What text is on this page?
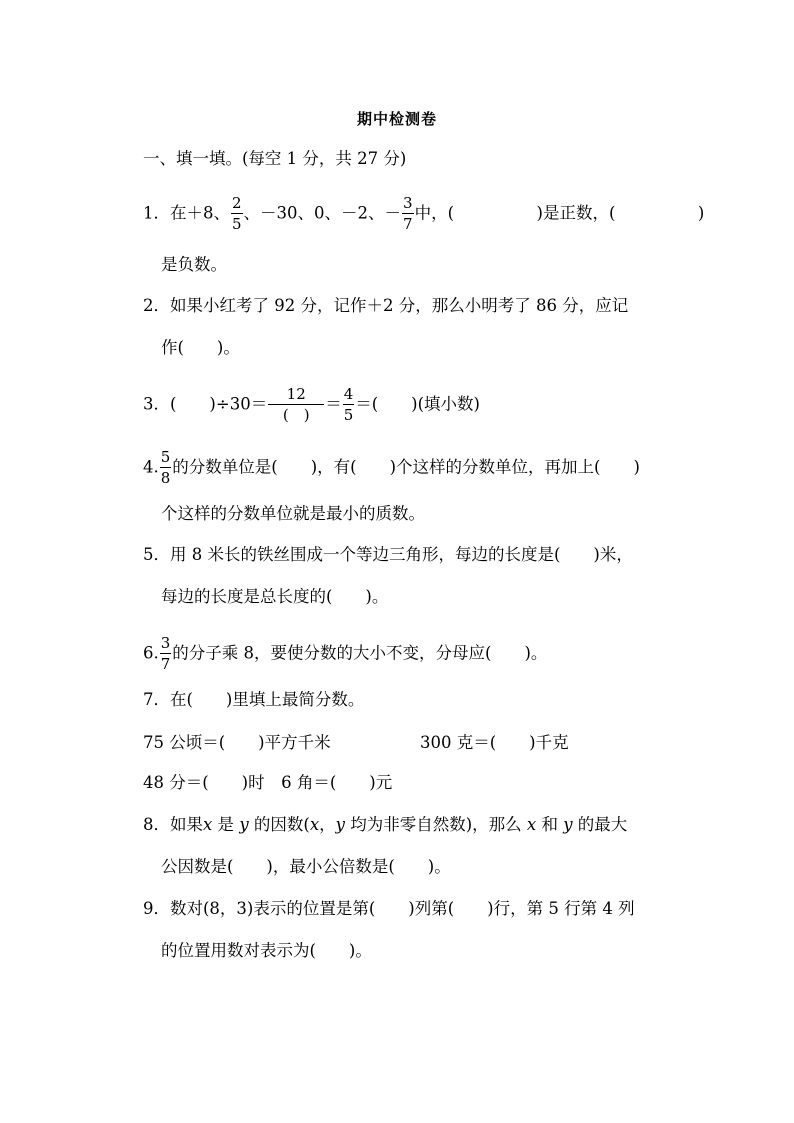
期中检测卷
一、填一填。(每空 1 分，共 27 分)
1．在＋8、 $\frac{2}{5}$ 、－30、0、－2、－ $\frac{3}{7}$ 中，(　　　　　)是正数，(　　　　　)
是负数。
2．如果小红考了 92 分，记作＋2 分，那么小明考了 86 分，应记
作(　　)。
3．(　　)$\div 30= \frac{12}{( )} = \frac{4}{5}$ ＝(　　)(填小数)
4. $\frac{5}{8}$ 的分数单位是(　　)，有(　　)个这样的分数单位，再加上(　　)
个这样的分数单位就是最小的质数。
5．用 8 米长的铁丝围成一个等边三角形，每边的长度是(　　)米，
每边的长度是总长度的(　　)。
6. $\frac{3}{7}$ 的分子乘 8，要使分数的大小不变，分母应(　　)。
7．在(　　)里填上最简分数。
75 公顷＝(　　)平方千米	300 克＝(　　)千克
48 分＝(　　)时　6 角＝(　　)元
8．如果x 是 y 的因数(x，y 均为非零自然数)，那么 x 和 y 的最大
公因数是(　　)，最小公倍数是(　　)。
9．数对(8，3)表示的位置是第(　　)列第(　　)行，第 5 行第 4 列
的位置用数对表示为(　　)。
